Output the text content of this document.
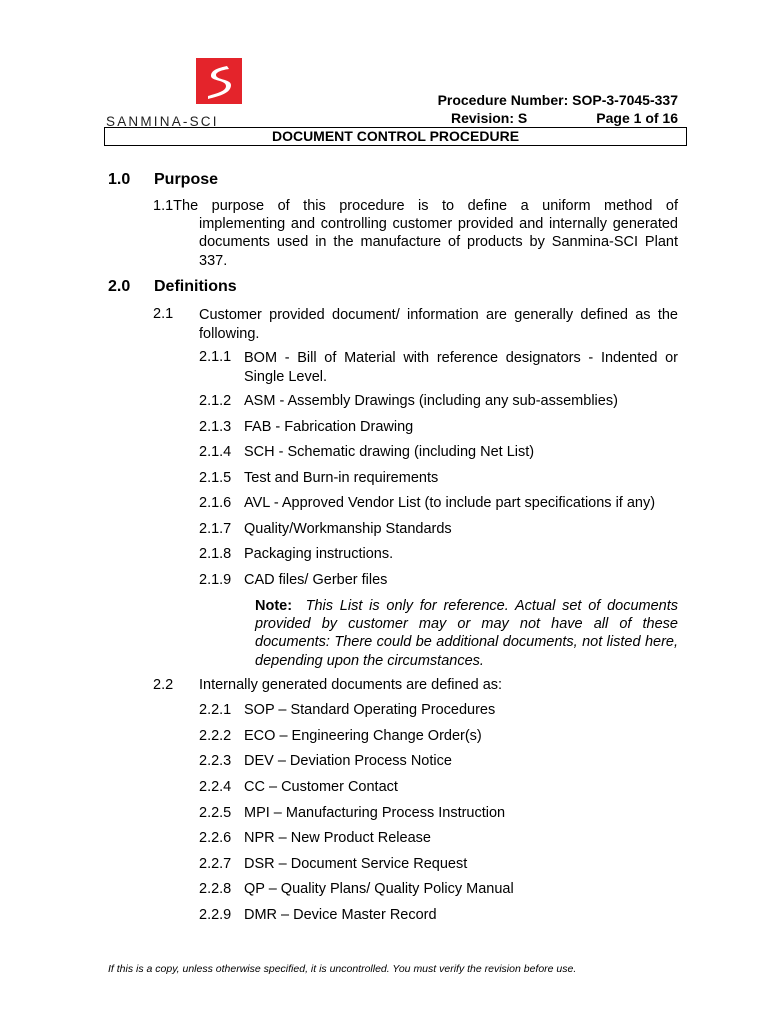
SANMINA-SCI
Procedure Number: SOP-3-7045-337
Revision: S	Page 1 of 16
DOCUMENT CONTROL PROCEDURE
1.0 Purpose
1.1The purpose of this procedure is to define a uniform method of
implementing and controlling customer provided and internally generated documents used in the manufacture of products by Sanmina-SCI Plant 337.
2.0 Definitions
2.1 Customer provided document/ information are generally defined as the following.
2.1.1 BOM - Bill of Material with reference designators - Indented or Single Level.
2.1.2 ASM - Assembly Drawings (including any sub-assemblies)
2.1.3 FAB - Fabrication Drawing
2.1.4 SCH - Schematic drawing (including Net List)
2.1.5 Test and Burn-in requirements
2.1.6 AVL - Approved Vendor List (to include part specifications if any)
2.1.7 Quality/Workmanship Standards
2.1.8 Packaging instructions.
2.1.9 CAD files/ Gerber files
Note: This List is only for reference. Actual set of documents provided by customer may or may not have all of these documents: There could be additional documents, not listed here, depending upon the circumstances.
2.2 Internally generated documents are defined as:
2.2.1 SOP – Standard Operating Procedures
2.2.2 ECO – Engineering Change Order(s)
2.2.3 DEV – Deviation Process Notice
2.2.4 CC – Customer Contact
2.2.5 MPI – Manufacturing Process Instruction
2.2.6 NPR – New Product Release
2.2.7 DSR – Document Service Request
2.2.8 QP – Quality Plans/ Quality Policy Manual
2.2.9 DMR – Device Master Record
If this is a copy, unless otherwise specified, it is uncontrolled. You must verify the revision before use.
